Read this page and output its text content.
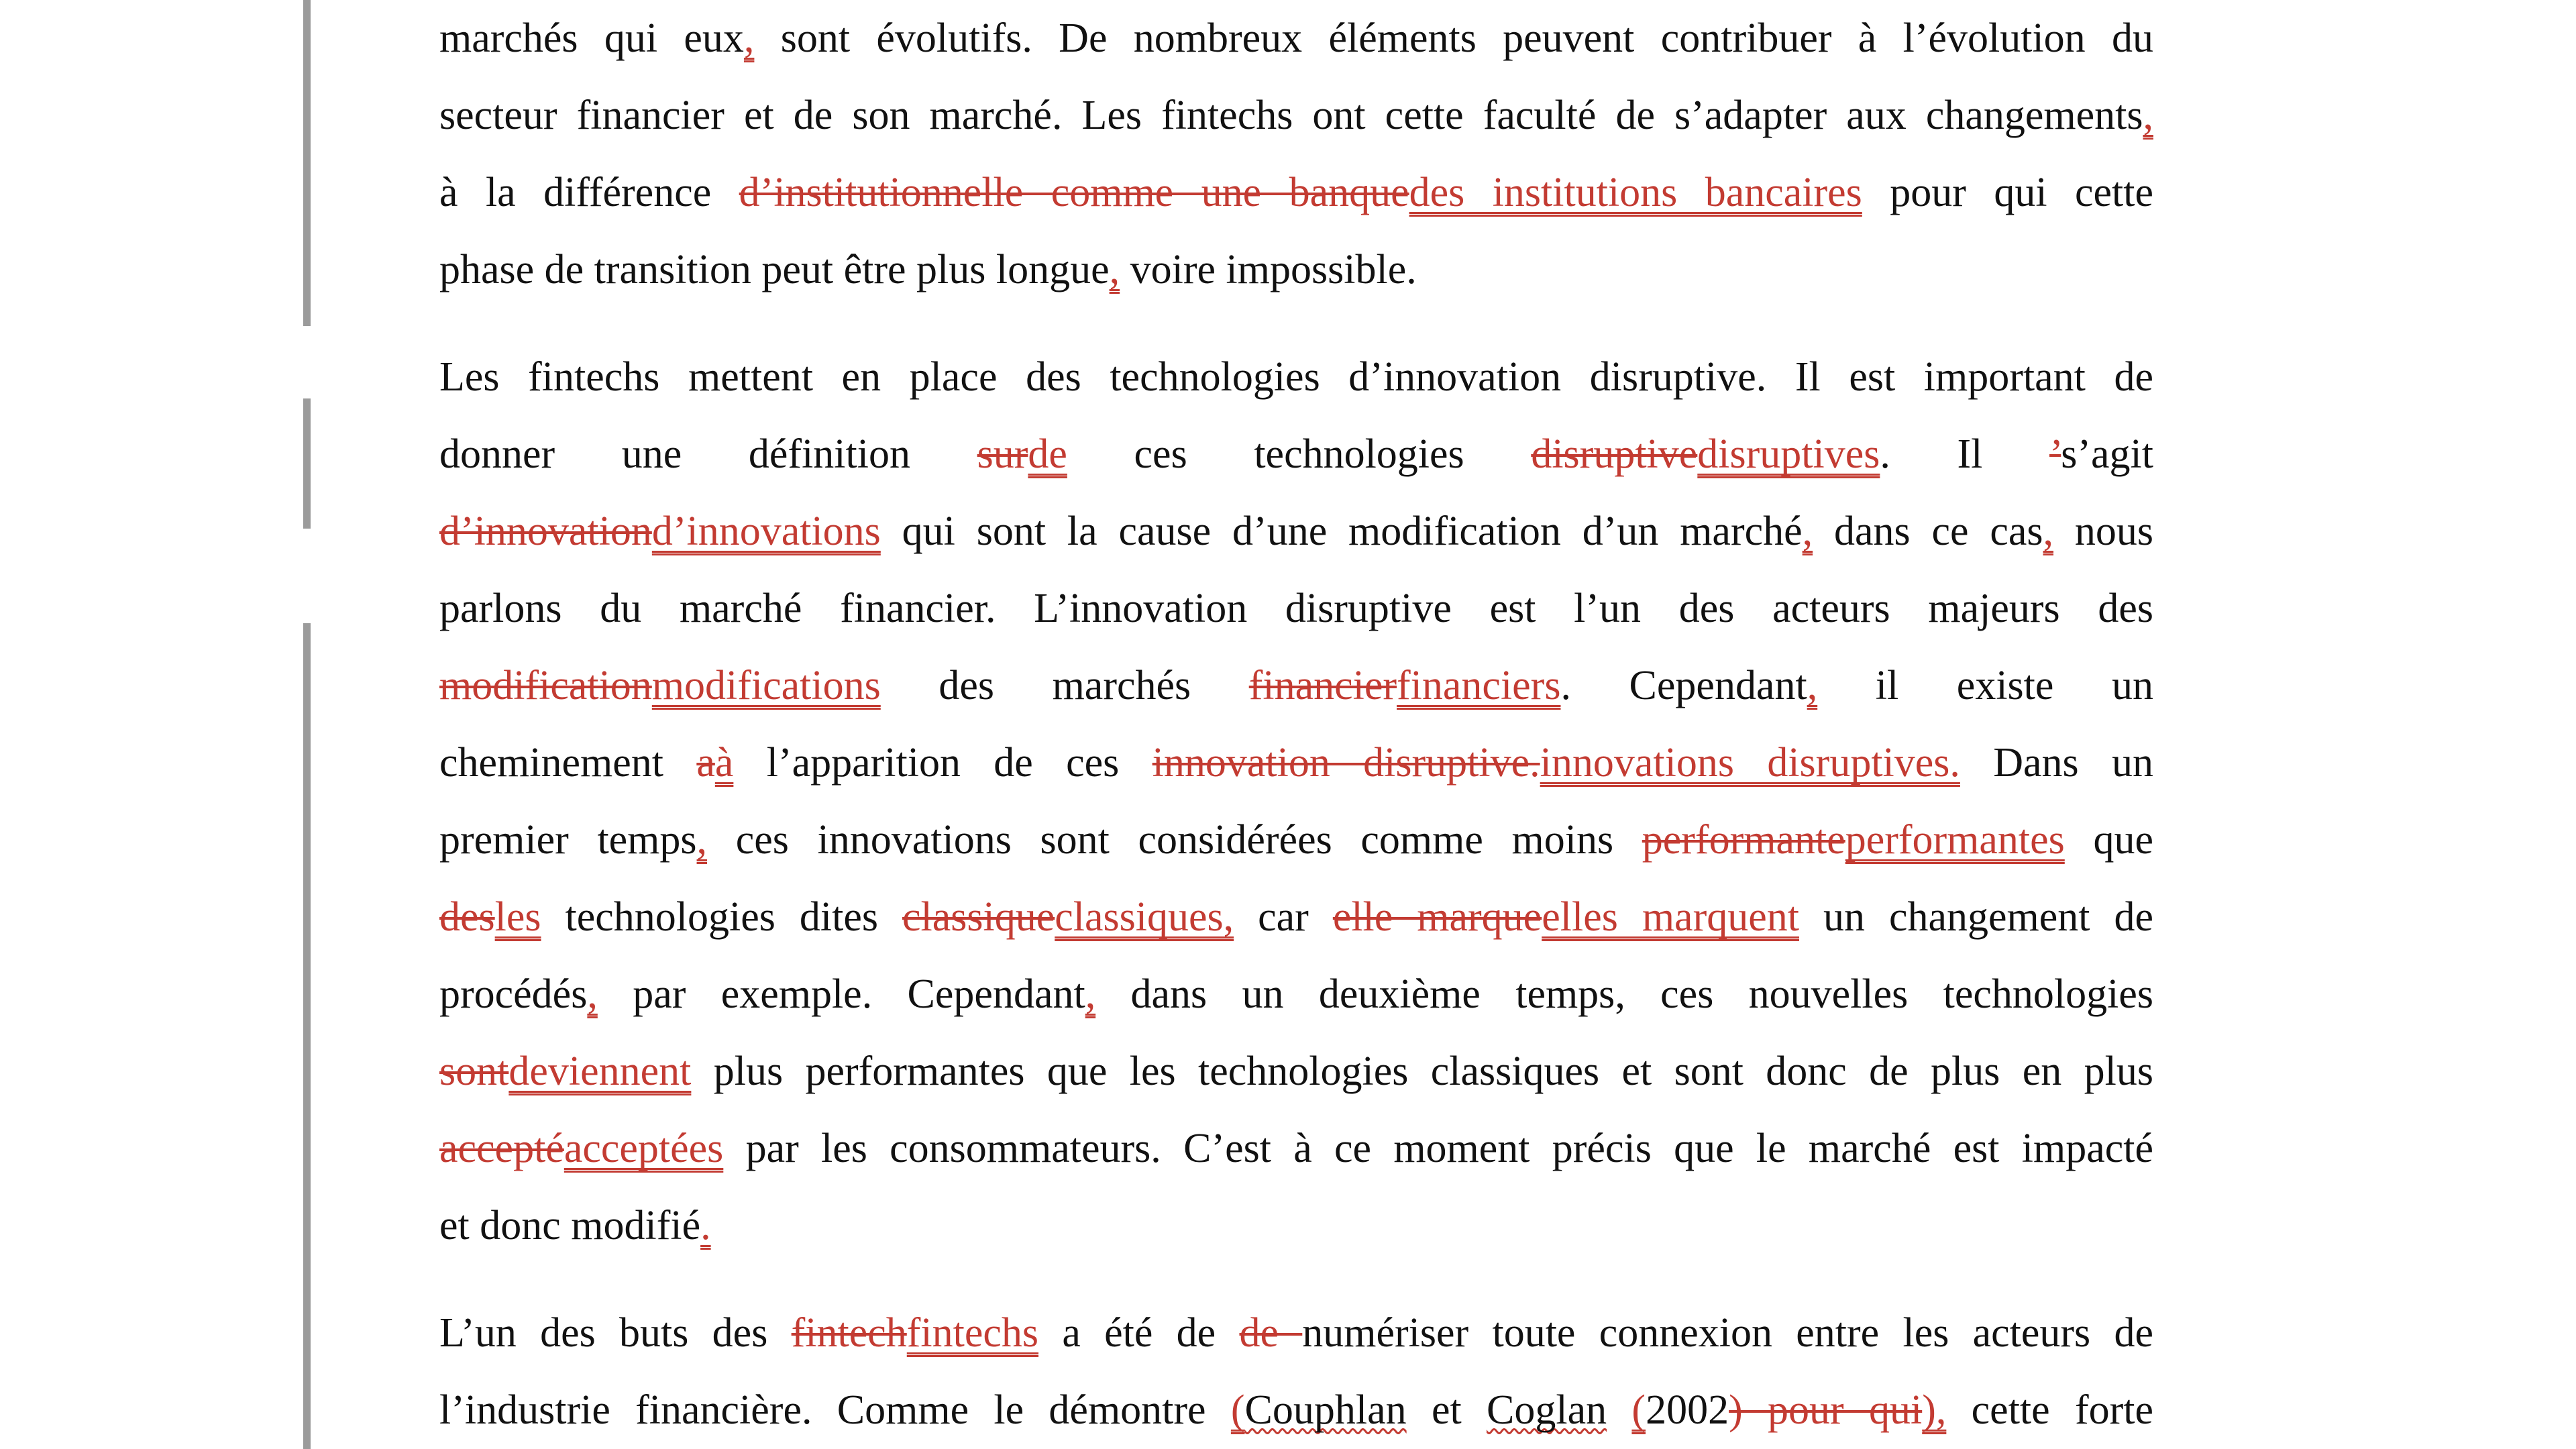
marchés qui eux, sont évolutifs. De nombreux éléments peuvent contribuer à l’évolution du
secteur financier et de son marché. Les fintechs ont cette faculté de s’adapter aux changements,
à la différence d’institutionnelle comme une banquedes institutions bancaires pour qui cette
phase de transition peut être plus longue, voire impossible.
Les fintechs mettent en place des technologies d’innovation disruptive. Il est important de
donner une définition surde ces technologies disruptivedisruptives. Il ’s’agit
d’innovationd’innovations qui sont la cause d’une modification d’un marché, dans ce cas, nous
parlons du marché financier. L’innovation disruptive est l’un des acteurs majeurs des
modificationmodifications des marchés financierfinanciers. Cependant, il existe un
cheminement aà l’apparition de ces innovation disruptive.innovations disruptives. Dans un
premier temps, ces innovations sont considérées comme moins performanteperformantes que
desles technologies dites classiqueclassiques, car elle marqueelles marquent un changement de
procédés, par exemple. Cependant, dans un deuxième temps, ces nouvelles technologies
sontdeviennent plus performantes que les technologies classiques et sont donc de plus en plus
acceptéacceptées par les consommateurs. C’est à ce moment précis que le marché est impacté
et donc modifié.
L’un des buts des fintechfintechs a été de de numériser toute connexion entre les acteurs de
l’industrie financière. Comme le démontre (Couphlan et Coglan (2002) pour qui), cette forte
